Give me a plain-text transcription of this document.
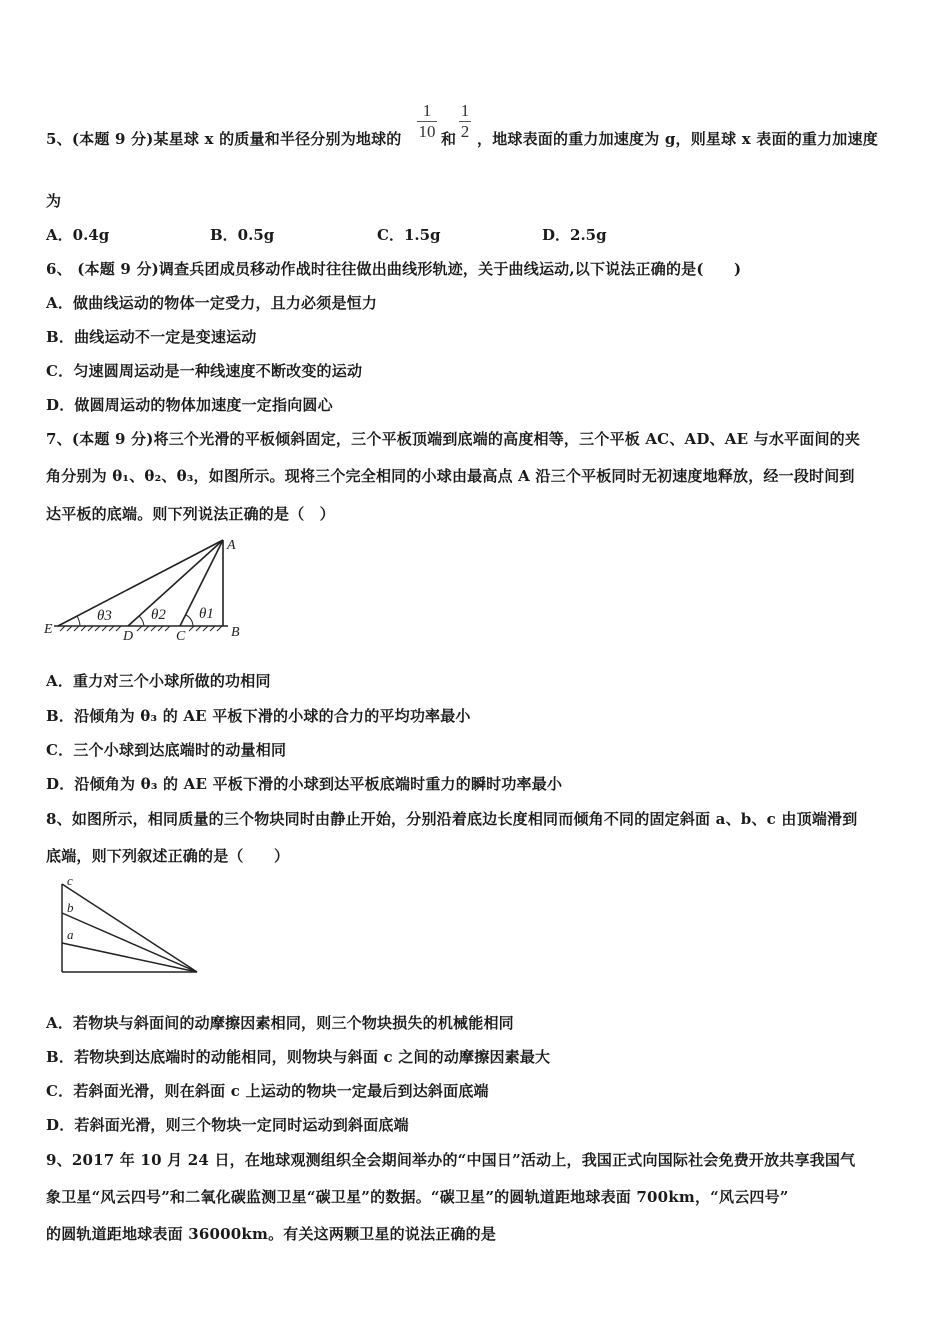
5、(本题 9 分)某星球 x 的质量和半径分别为地球的
1
10 和
1
2 ，地球表面的重力加速度为 g，则星球 x 表面的重力加速度
为
A．0.4g	B．0.5g	C．1.5g	D．2.5g
6、 (本题 9 分)调查兵团成员移动作战时往往做出曲线形轨迹，关于曲线运动,以下说法正确的是(　　)
A．做曲线运动的物体一定受力，且力必须是恒力
B．曲线运动不一定是变速运动
C．匀速圆周运动是一种线速度不断改变的运动
D．做圆周运动的物体加速度一定指向圆心
7、(本题 9 分)将三个光滑的平板倾斜固定，三个平板顶端到底端的高度相等，三个平板 AC、AD、AE 与水平面间的夹
角分别为 θ₁、θ₂、θ₃，如图所示。现将三个完全相同的小球由最高点 A 沿三个平板同时无初速度地释放，经一段时间到
达平板的底端。则下列说法正确的是（　）
A
B
C
D
E
θ1
θ2
θ3
A．重力对三个小球所做的功相同
B．沿倾角为 θ₃ 的 AE 平板下滑的小球的合力的平均功率最小
C．三个小球到达底端时的动量相同
D．沿倾角为 θ₃ 的 AE 平板下滑的小球到达平板底端时重力的瞬时功率最小
8、如图所示，相同质量的三个物块同时由静止开始，分别沿着底边长度相同而倾角不同的固定斜面 a、b、c 由顶端滑到
底端，则下列叙述正确的是（　　）
c
b
a
A．若物块与斜面间的动摩擦因素相同，则三个物块损失的机械能相同
B．若物块到达底端时的动能相同，则物块与斜面 c 之间的动摩擦因素最大
C．若斜面光滑，则在斜面 c 上运动的物块一定最后到达斜面底端
D．若斜面光滑，则三个物块一定同时运动到斜面底端
9、2017 年 10 月 24 日，在地球观测组织全会期间举办的“中国日”活动上，我国正式向国际社会免费开放共享我国气
象卫星“风云四号”和二氧化碳监测卫星“碳卫星”的数据。“碳卫星”的圆轨道距地球表面 700km，“风云四号”
的圆轨道距地球表面 36000km。有关这两颗卫星的说法正确的是
